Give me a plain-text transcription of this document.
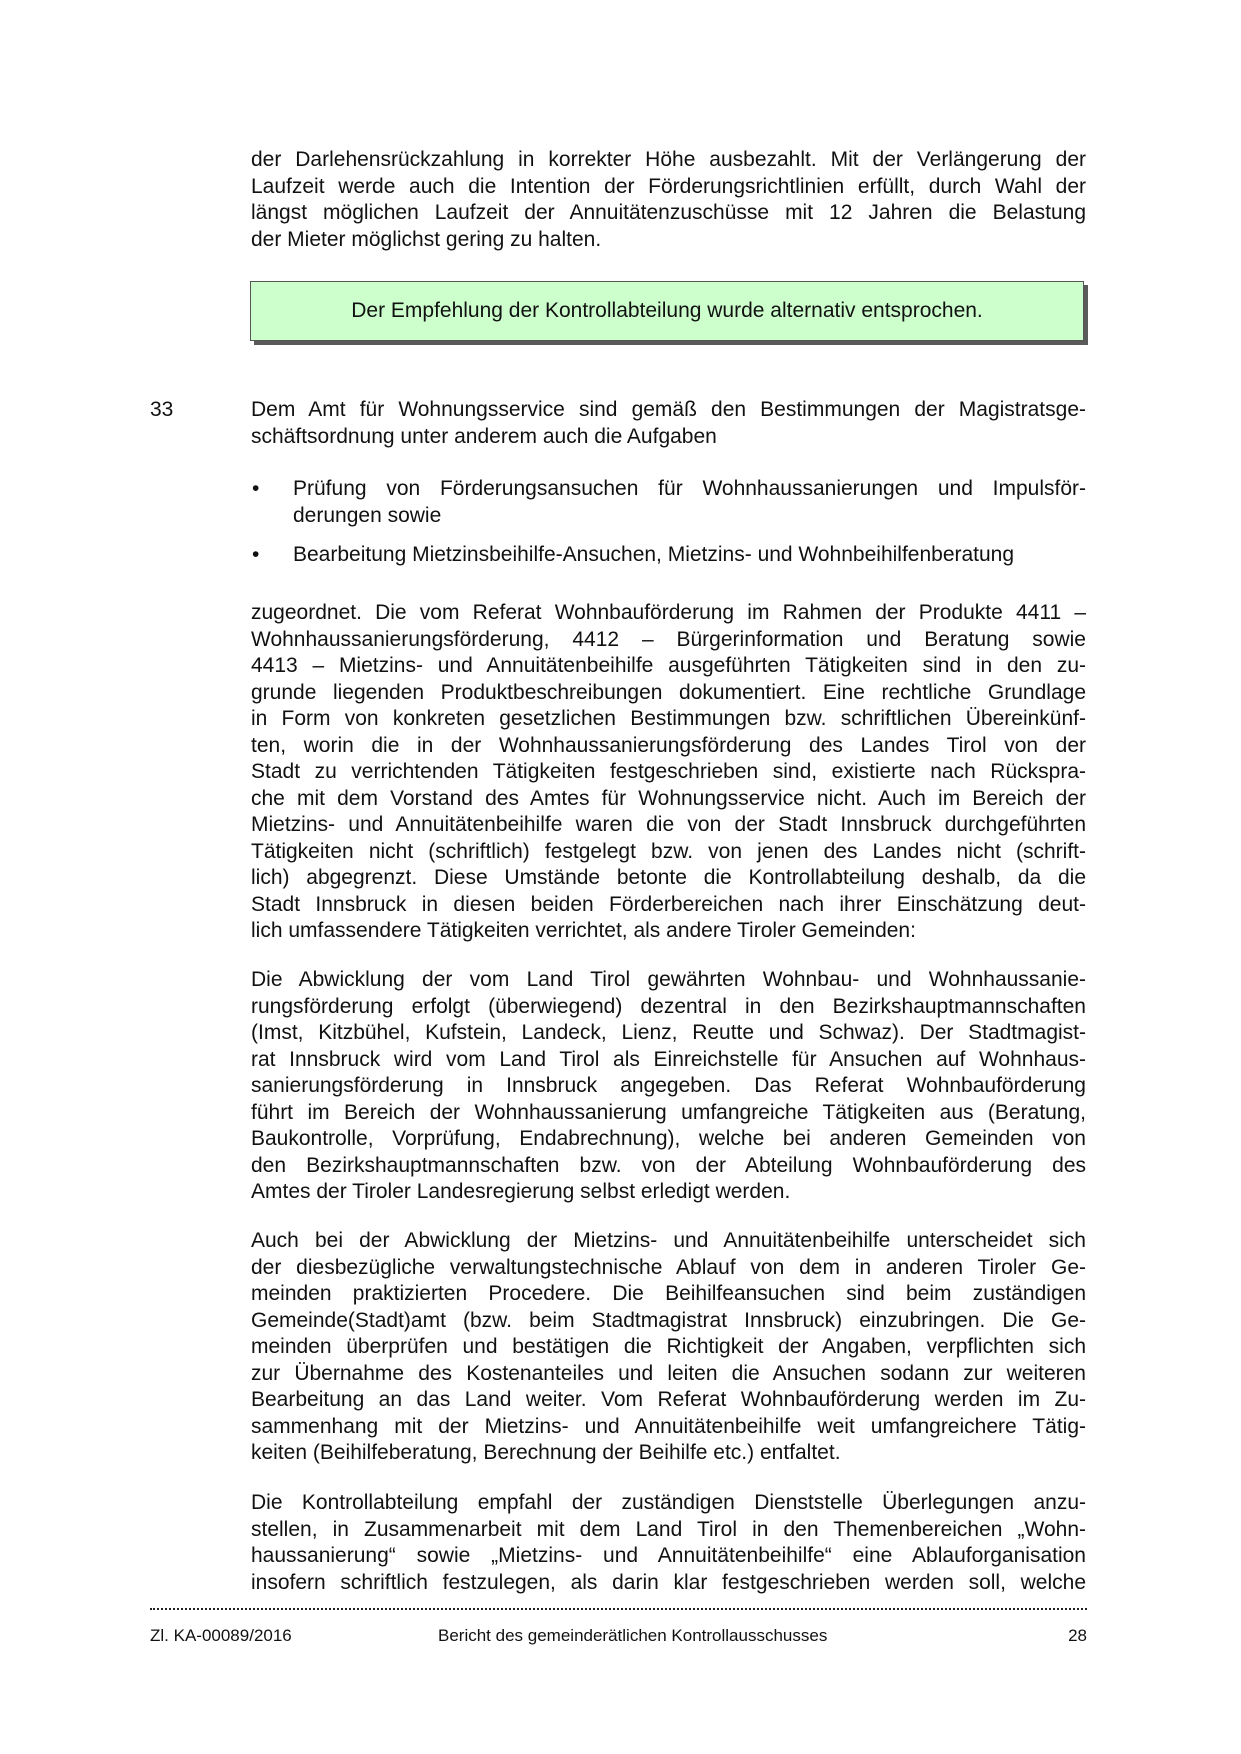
der Darlehensrückzahlung in korrekter Höhe ausbezahlt. Mit der Verlängerung der
Laufzeit werde auch die Intention der Förderungsrichtlinien erfüllt, durch Wahl der
längst möglichen Laufzeit der Annuitätenzuschüsse mit 12 Jahren die Belastung
der Mieter möglichst gering zu halten.
Der Empfehlung der Kontrollabteilung wurde alternativ entsprochen.
33	Dem Amt für Wohnungsservice sind gemäß den Bestimmungen der Magistratsge-
schäftsordnung unter anderem auch die Aufgaben
• Prüfung von Förderungsansuchen für Wohnhaussanierungen und Impulsför-
derungen sowie
• Bearbeitung Mietzinsbeihilfe-Ansuchen, Mietzins- und Wohnbeihilfenberatung
zugeordnet. Die vom Referat Wohnbauförderung im Rahmen der Produkte 4411 –
Wohnhaussanierungsförderung, 4412 – Bürgerinformation und Beratung sowie
4413 – Mietzins- und Annuitätenbeihilfe ausgeführten Tätigkeiten sind in den zu-
grunde liegenden Produktbeschreibungen dokumentiert. Eine rechtliche Grundlage
in Form von konkreten gesetzlichen Bestimmungen bzw. schriftlichen Übereinkünf-
ten, worin die in der Wohnhaussanierungsförderung des Landes Tirol von der
Stadt zu verrichtenden Tätigkeiten festgeschrieben sind, existierte nach Rückspra-
che mit dem Vorstand des Amtes für Wohnungsservice nicht. Auch im Bereich der
Mietzins- und Annuitätenbeihilfe waren die von der Stadt Innsbruck durchgeführten
Tätigkeiten nicht (schriftlich) festgelegt bzw. von jenen des Landes nicht (schrift-
lich) abgegrenzt. Diese Umstände betonte die Kontrollabteilung deshalb, da die
Stadt Innsbruck in diesen beiden Förderbereichen nach ihrer Einschätzung deut-
lich umfassendere Tätigkeiten verrichtet, als andere Tiroler Gemeinden:
Die Abwicklung der vom Land Tirol gewährten Wohnbau- und Wohnhaussanie-
rungsförderung erfolgt (überwiegend) dezentral in den Bezirkshauptmannschaften
(Imst, Kitzbühel, Kufstein, Landeck, Lienz, Reutte und Schwaz). Der Stadtmagist-
rat Innsbruck wird vom Land Tirol als Einreichstelle für Ansuchen auf Wohnhaus-
sanierungsförderung in Innsbruck angegeben. Das Referat Wohnbauförderung
führt im Bereich der Wohnhaussanierung umfangreiche Tätigkeiten aus (Beratung,
Baukontrolle, Vorprüfung, Endabrechnung), welche bei anderen Gemeinden von
den Bezirkshauptmannschaften bzw. von der Abteilung Wohnbauförderung des
Amtes der Tiroler Landesregierung selbst erledigt werden.
Auch bei der Abwicklung der Mietzins- und Annuitätenbeihilfe unterscheidet sich
der diesbezügliche verwaltungstechnische Ablauf von dem in anderen Tiroler Ge-
meinden praktizierten Procedere. Die Beihilfeansuchen sind beim zuständigen
Gemeinde(Stadt)amt (bzw. beim Stadtmagistrat Innsbruck) einzubringen. Die Ge-
meinden überprüfen und bestätigen die Richtigkeit der Angaben, verpflichten sich
zur Übernahme des Kostenanteiles und leiten die Ansuchen sodann zur weiteren
Bearbeitung an das Land weiter. Vom Referat Wohnbauförderung werden im Zu-
sammenhang mit der Mietzins- und Annuitätenbeihilfe weit umfangreichere Tätig-
keiten (Beihilfeberatung, Berechnung der Beihilfe etc.) entfaltet.
Die Kontrollabteilung empfahl der zuständigen Dienststelle Überlegungen anzu-
stellen, in Zusammenarbeit mit dem Land Tirol in den Themenbereichen „Wohn-
haussanierung“ sowie „Mietzins- und Annuitätenbeihilfe“ eine Ablauforganisation
insofern schriftlich festzulegen, als darin klar festgeschrieben werden soll, welche
Zl. KA-00089/2016	Bericht des gemeinderätlichen Kontrollausschusses	28
